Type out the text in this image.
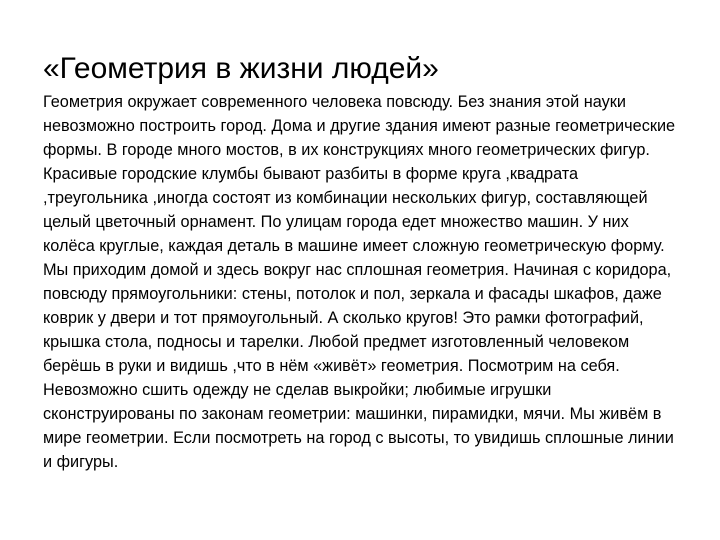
«Геометрия в жизни людей»

Геометрия окружает современного человека повсюду. Без знания этой науки невозможно построить город. Дома и другие здания имеют разные геометрические формы. В городе много мостов, в их конструкциях много геометрических фигур. Красивые городские клумбы бывают разбиты в форме круга ,квадрата ,треугольника ,иногда состоят из комбинации нескольких фигур, составляющей целый цветочный орнамент. По улицам города едет множество машин. У них колёса круглые, каждая деталь в машине имеет сложную геометрическую форму. Мы приходим домой и здесь вокруг нас сплошная геометрия. Начиная с коридора, повсюду прямоугольники: стены, потолок и пол, зеркала и фасады шкафов, даже коврик у двери и тот прямоугольный. А сколько кругов! Это рамки фотографий, крышка стола, подносы и тарелки. Любой предмет изготовленный человеком берёшь в руки и видишь ,что в нём «живёт» геометрия. Посмотрим на себя. Невозможно сшить одежду не сделав выкройки; любимые игрушки сконструированы по законам геометрии: машинки, пирамидки, мячи. Мы живём в мире геометрии. Если посмотреть на город с высоты, то увидишь сплошные линии и фигуры.
